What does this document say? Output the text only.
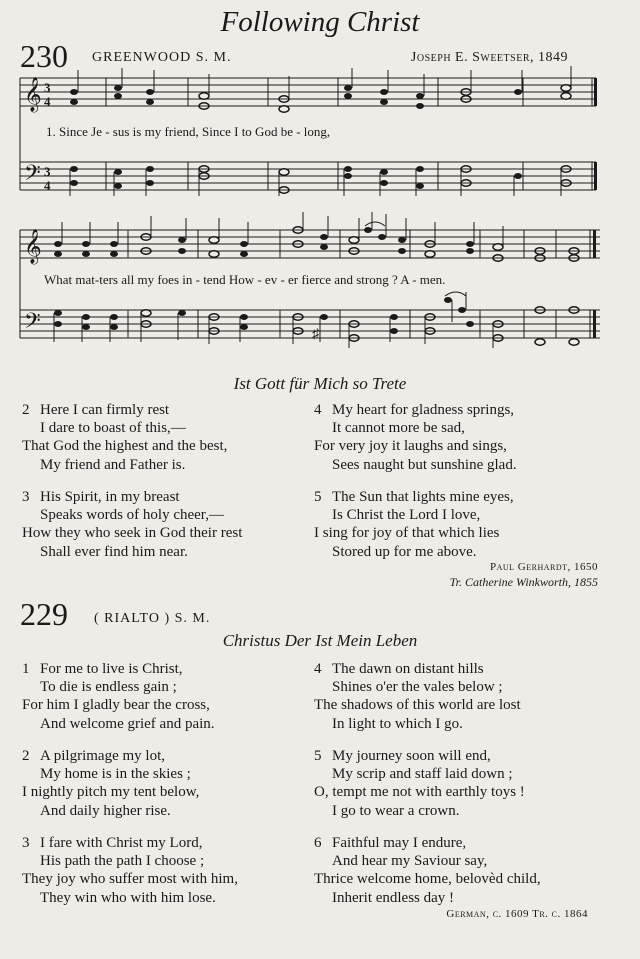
Following Christ
230 GREENWOOD S. M.	Joseph E. Sweetser, 1849
𝄞
𝄢
3
4
3
4
1. Since Je - sus is my friend, Since I to God be - long,
𝄞
𝄢	♯
What mat-ters all my foes in - tend How - ev - er fierce and strong ? A - men.
Ist Gott für Mich so Trete
2 Here I can firmly rest
I dare to boast of this,—
That God the highest and the best,
My friend and Father is.
3 His Spirit, in my breast
Speaks words of holy cheer,—
How they who seek in God their rest
Shall ever find him near.
4 My heart for gladness springs,
It cannot more be sad,
For very joy it laughs and sings,
Sees naught but sunshine glad.
5 The Sun that lights mine eyes,
Is Christ the Lord I love,
I sing for joy of that which lies
Stored up for me above.
Paul Gerhardt, 1650
Tr. Catherine Winkworth, 1855
229 ( RIALTO ) S. M.
Christus Der Ist Mein Leben
1 For me to live is Christ,
To die is endless gain ;
For him I gladly bear the cross,
And welcome grief and pain.
2 A pilgrimage my lot,
My home is in the skies ;
I nightly pitch my tent below,
And daily higher rise.
3 I fare with Christ my Lord,
His path the path I choose ;
They joy who suffer most with him,
They win who with him lose.
4 The dawn on distant hills
Shines o'er the vales below ;
The shadows of this world are lost
In light to which I go.
5 My journey soon will end,
My scrip and staff laid down ;
O, tempt me not with earthly toys !
I go to wear a crown.
6 Faithful may I endure,
And hear my Saviour say,
Thrice welcome home, belovèd child,
Inherit endless day !
German, c. 1609 Tr. c. 1864
